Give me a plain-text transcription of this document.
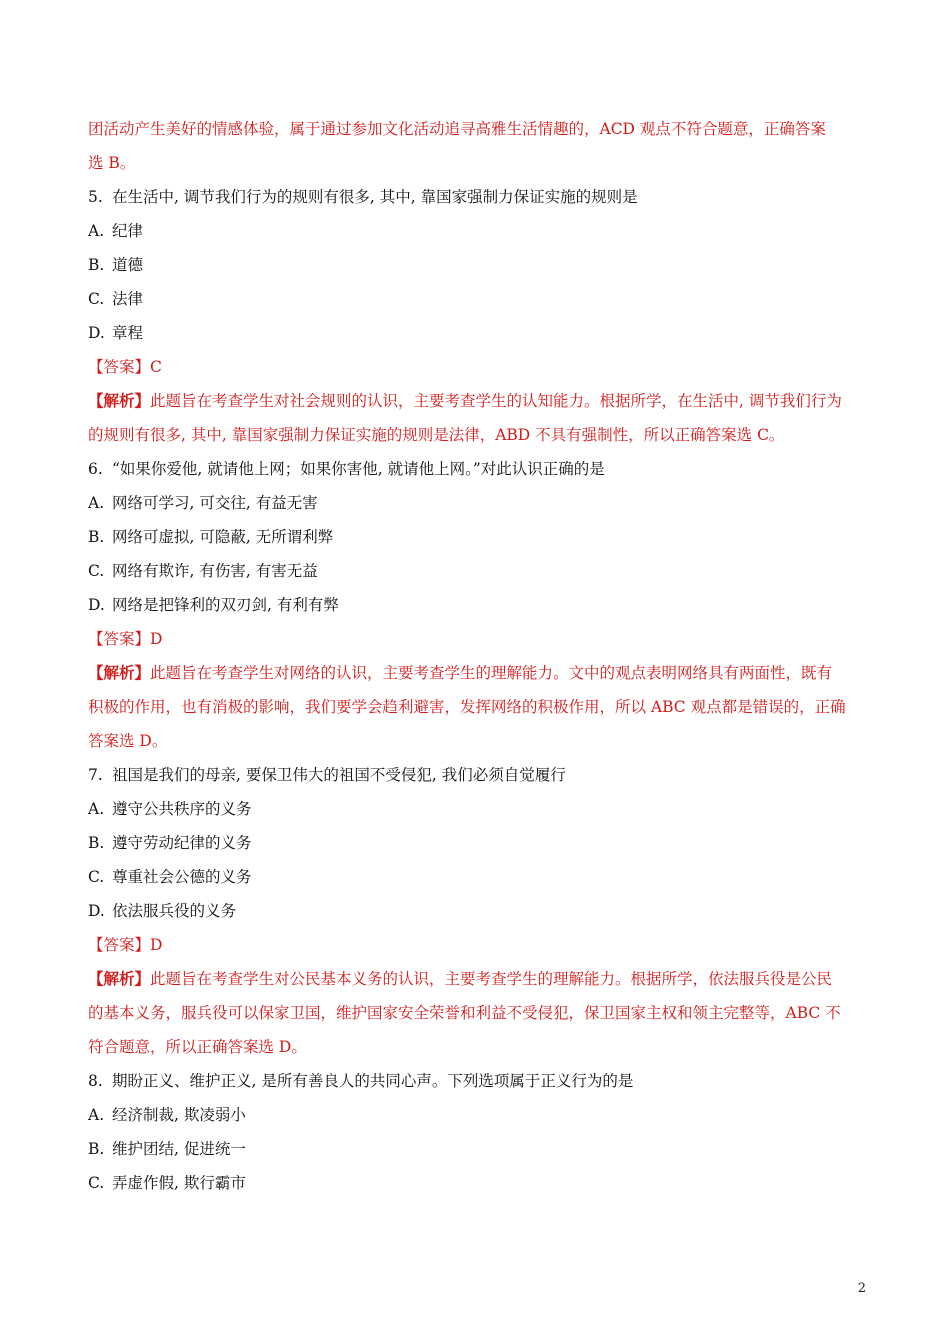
团活动产生美好的情感体验，属于通过参加文化活动追寻高雅生活情趣的，ACD 观点不符合题意，正确答案
选 B。
5. 在生活中, 调节我们行为的规则有很多, 其中, 靠国家强制力保证实施的规则是
A. 纪律
B. 道德
C. 法律
D. 章程
【答案】C
【解析】此题旨在考查学生对社会规则的认识，主要考查学生的认知能力。根据所学，在生活中, 调节我们行为
的规则有很多, 其中, 靠国家强制力保证实施的规则是法律，ABD 不具有强制性，所以正确答案选 C。
6. “如果你爱他, 就请他上网；如果你害他, 就请他上网。”对此认识正确的是
A. 网络可学习, 可交往, 有益无害
B. 网络可虚拟, 可隐蔽, 无所谓利弊
C. 网络有欺诈, 有伤害, 有害无益
D. 网络是把锋利的双刃剑, 有利有弊
【答案】D
【解析】此题旨在考查学生对网络的认识，主要考查学生的理解能力。文中的观点表明网络具有两面性，既有
积极的作用，也有消极的影响，我们要学会趋利避害，发挥网络的积极作用，所以 ABC 观点都是错误的，正确
答案选 D。
7. 祖国是我们的母亲, 要保卫伟大的祖国不受侵犯, 我们必须自觉履行
A. 遵守公共秩序的义务
B. 遵守劳动纪律的义务
C. 尊重社会公德的义务
D. 依法服兵役的义务
【答案】D
【解析】此题旨在考查学生对公民基本义务的认识，主要考查学生的理解能力。根据所学，依法服兵役是公民
的基本义务，服兵役可以保家卫国，维护国家安全荣誉和利益不受侵犯，保卫国家主权和领主完整等，ABC 不
符合题意，所以正确答案选 D。
8. 期盼正义、维护正义, 是所有善良人的共同心声。下列选项属于正义行为的是
A. 经济制裁, 欺凌弱小
B. 维护团结, 促进统一
C. 弄虚作假, 欺行霸市
2
